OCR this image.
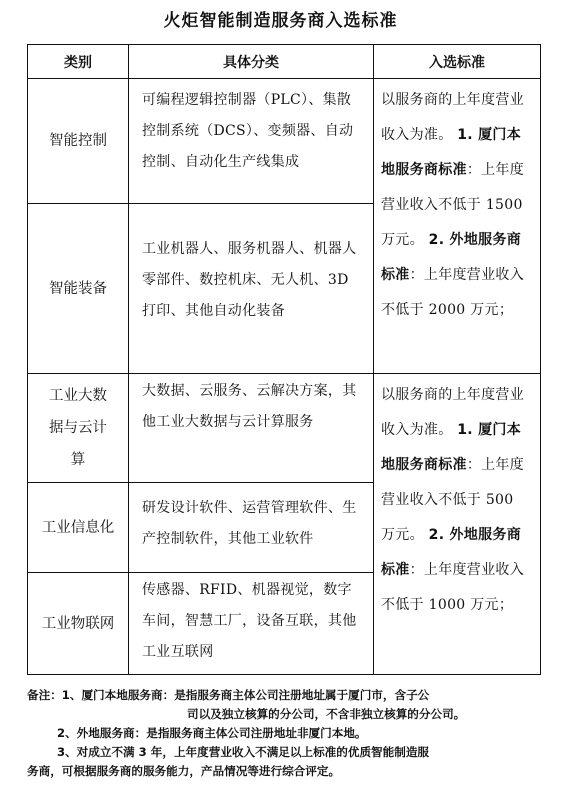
火炬智能制造服务商入选标准
类别	具体分类	入选标准
智能控制
可编程逻辑控制器（PLC）、集散控制系统（DCS）、变频器、自动控制、自动化生产线集成
智能装备
工业机器人、服务机器人、机器人零部件、数控机床、无人机、3D 打印、其他自动化装备
工业大数据与云计算
大数据、云服务、云解决方案，其他工业大数据与云计算服务
工业信息化
研发设计软件、运营管理软件、生产控制软件，其他工业软件
工业物联网
传感器、RFID、机器视觉，数字车间，智慧工厂，设备互联，其他工业互联网
以服务商的上年度营业收入为准。 1. 厦门本地服务商标准：上年度营业收入不低于 1500 万元。 2. 外地服务商标准：上年度营业收入不低于 2000 万元；
以服务商的上年度营业收入为准。 1. 厦门本地服务商标准：上年度营业收入不低于 500 万元。 2. 外地服务商标准：上年度营业收入不低于 1000 万元；

备注：1、厦门本地服务商：是指服务商主体公司注册地址属于厦门市，含子公

司以及独立核算的分公司，不含非独立核算的分公司。

2、外地服务商：是指服务商主体公司注册地址非厦门本地。

3、对成立不满 3 年，上年度营业收入不满足以上标准的优质智能制造服

务商，可根据服务商的服务能力，产品情况等进行综合评定。
